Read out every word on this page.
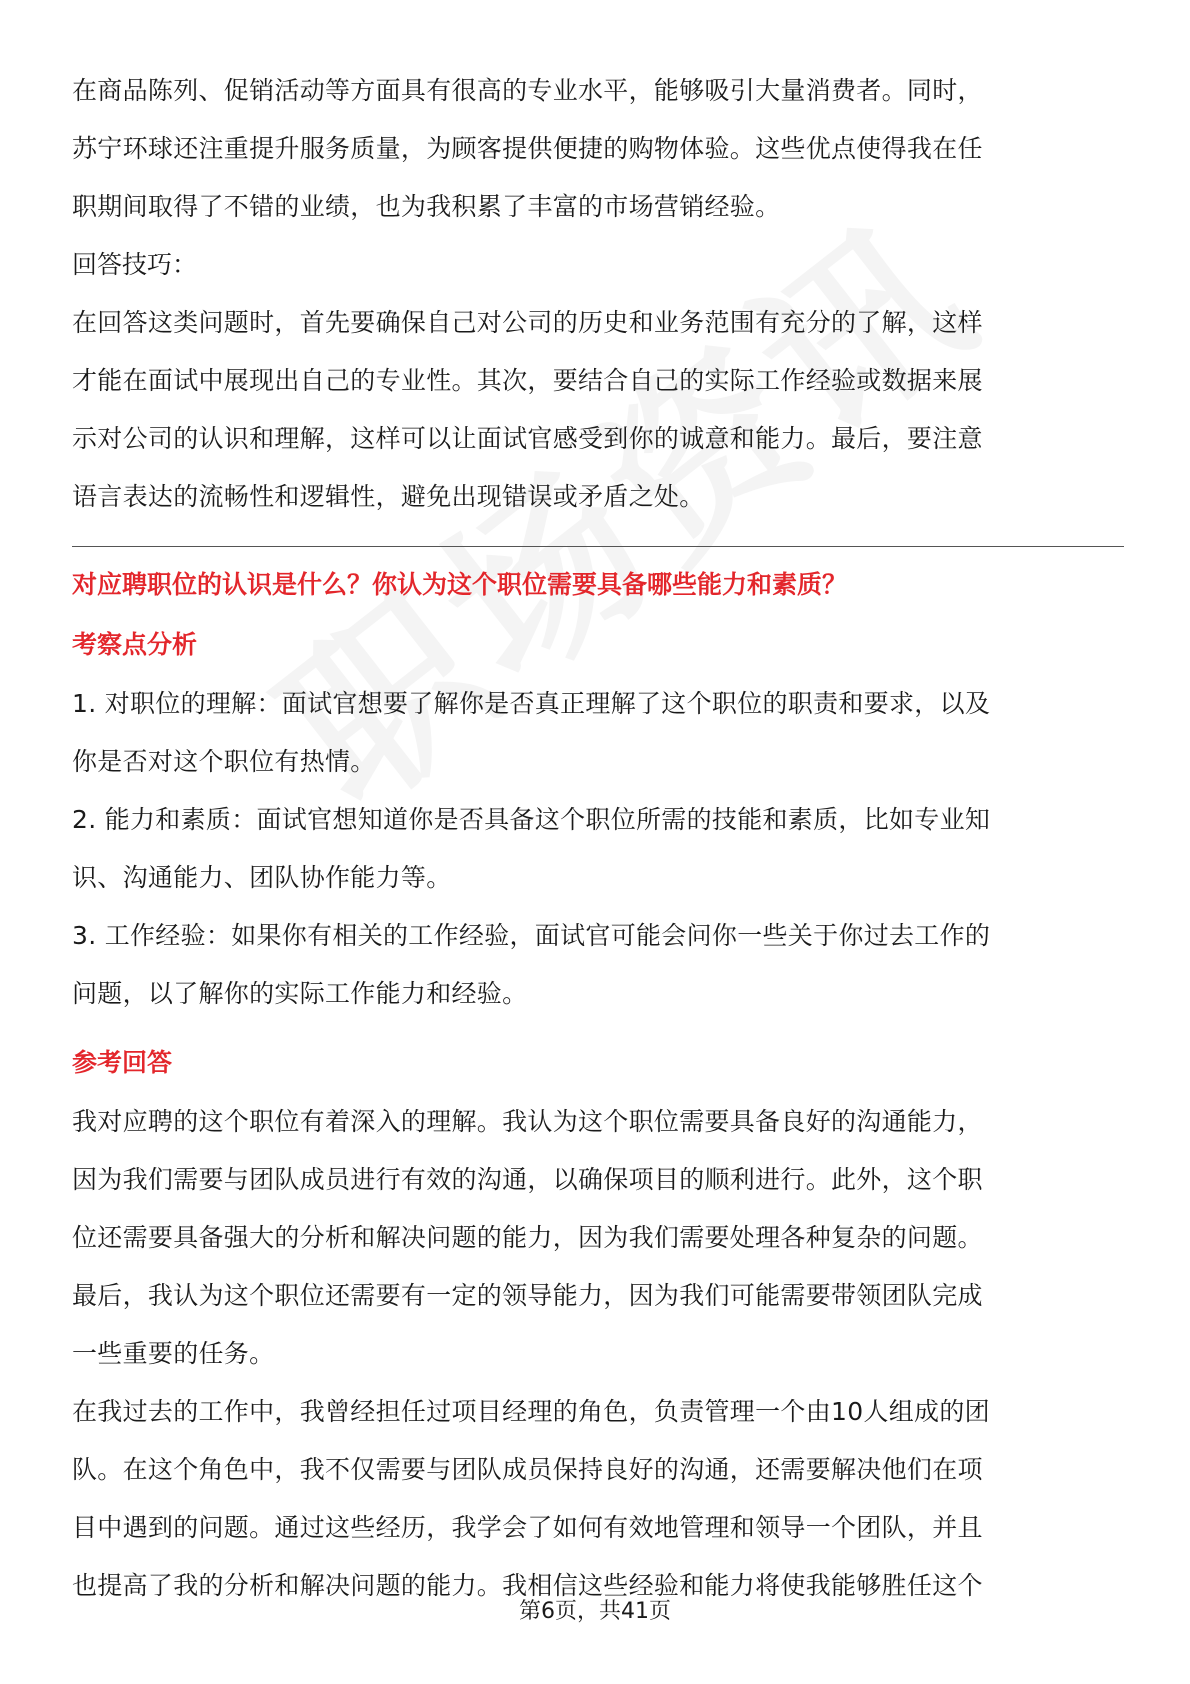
在商品陈列、促销活动等方面具有很高的专业水平，能够吸引大量消费者。同时，

苏宁环球还注重提升服务质量，为顾客提供便捷的购物体验。这些优点使得我在任

职期间取得了不错的业绩，也为我积累了丰富的市场营销经验。

回答技巧：

在回答这类问题时，首先要确保自己对公司的历史和业务范围有充分的了解，这样

才能在面试中展现出自己的专业性。其次，要结合自己的实际工作经验或数据来展

示对公司的认识和理解，这样可以让面试官感受到你的诚意和能力。最后，要注意

语言表达的流畅性和逻辑性，避免出现错误或矛盾之处。

对应聘职位的认识是什么？你认为这个职位需要具备哪些能力和素质？

考察点分析

1. 对职位的理解：面试官想要了解你是否真正理解了这个职位的职责和要求，以及

你是否对这个职位有热情。

2. 能力和素质：面试官想知道你是否具备这个职位所需的技能和素质，比如专业知

识、沟通能力、团队协作能力等。

3. 工作经验：如果你有相关的工作经验，面试官可能会问你一些关于你过去工作的

问题，以了解你的实际工作能力和经验。

参考回答

我对应聘的这个职位有着深入的理解。我认为这个职位需要具备良好的沟通能力，

因为我们需要与团队成员进行有效的沟通，以确保项目的顺利进行。此外，这个职

位还需要具备强大的分析和解决问题的能力，因为我们需要处理各种复杂的问题。

最后，我认为这个职位还需要有一定的领导能力，因为我们可能需要带领团队完成

一些重要的任务。

在我过去的工作中，我曾经担任过项目经理的角色，负责管理一个由10人组成的团

队。在这个角色中，我不仅需要与团队成员保持良好的沟通，还需要解决他们在项

目中遇到的问题。通过这些经历，我学会了如何有效地管理和领导一个团队，并且

也提高了我的分析和解决问题的能力。我相信这些经验和能力将使我能够胜任这个

第6页，共41页
